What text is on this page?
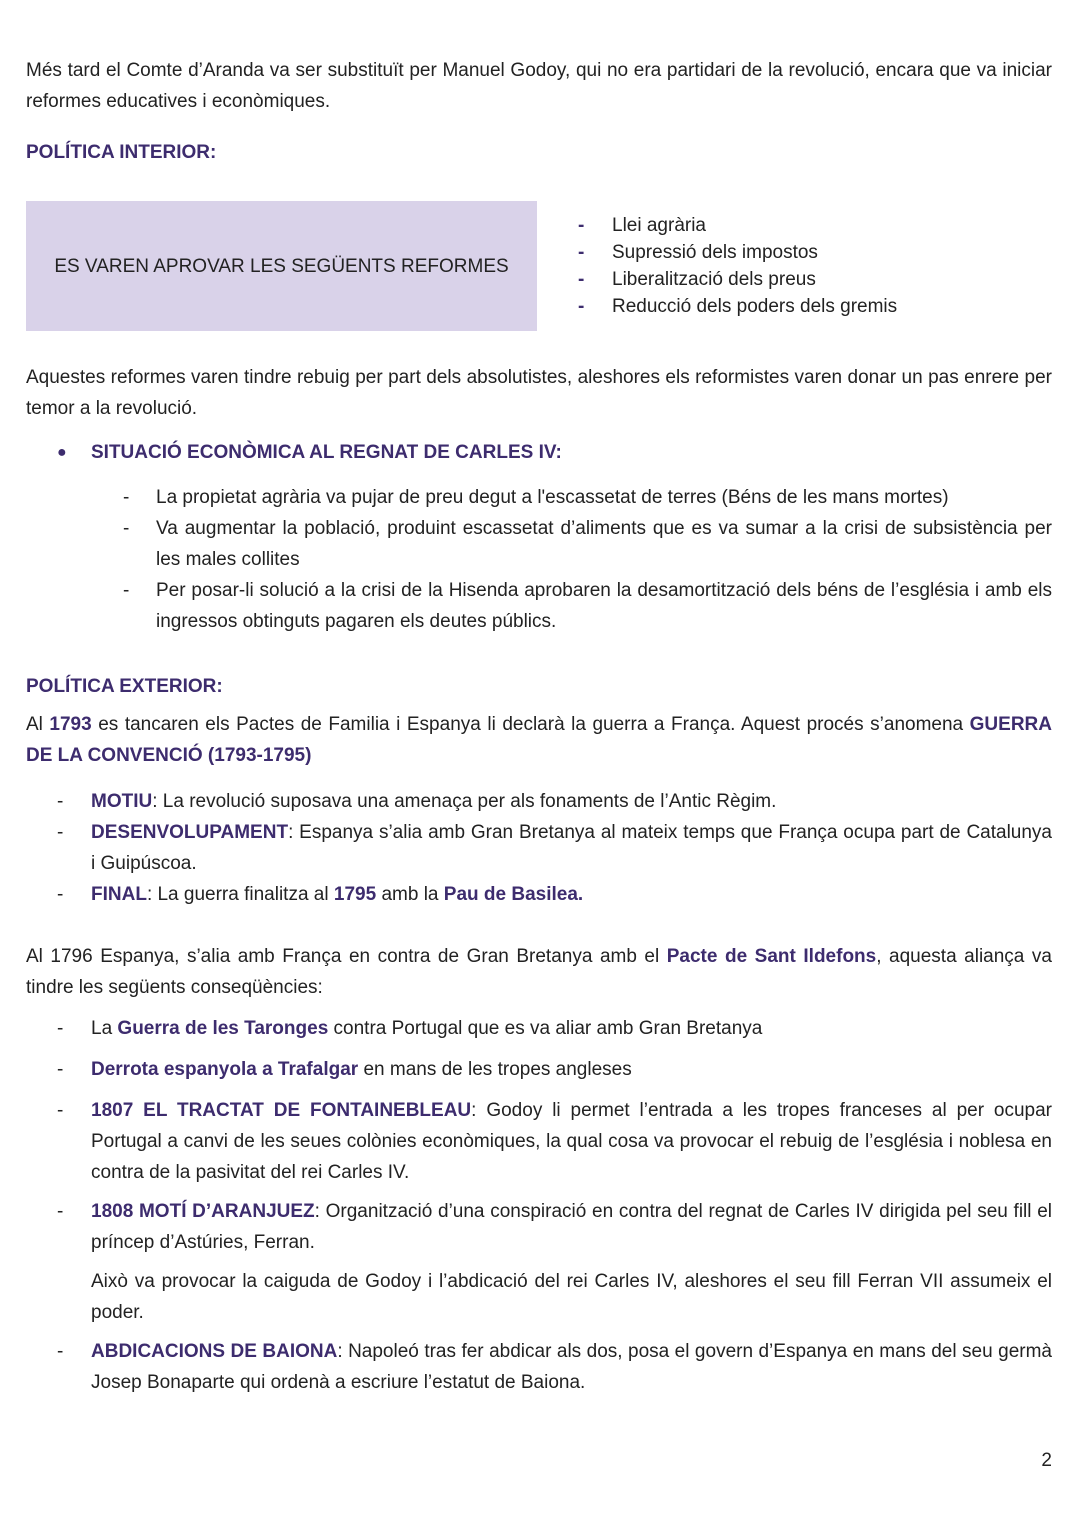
Més tard el Comte d’Aranda va ser substituït per Manuel Godoy, qui no era partidari de la revolució, encara que va iniciar reformes educatives i econòmiques.

POLÍTICA INTERIOR:

ES VAREN APROVAR LES SEGÜENTS REFORMES
- Llei agrària
- Supressió dels impostos
- Liberalització dels preus
- Reducció dels poders dels gremis

Aquestes reformes varen tindre rebuig per part dels absolutistes, aleshores els reformistes varen donar un pas enrere per temor a la revolució.

● SITUACIÓ ECONÒMICA AL REGNAT DE CARLES IV:
- La propietat agrària va pujar de preu degut a l'escassetat de terres (Béns de les mans mortes)
- Va augmentar la població, produint escassetat d’aliments que es va sumar a la crisi de subsistència per les males collites
- Per posar-li solució a la crisi de la Hisenda aprobaren la desamortització dels béns de l’església i amb els ingressos obtinguts pagaren els deutes públics.

POLÍTICA EXTERIOR:

Al 1793 es tancaren els Pactes de Familia i Espanya li declarà la guerra a França. Aquest procés s’anomena GUERRA DE LA CONVENCIÓ (1793-1795)

- MOTIU: La revolució suposava una amenaça per als fonaments de l’Antic Règim.
- DESENVOLUPAMENT: Espanya s’alia amb Gran Bretanya al mateix temps que França ocupa part de Catalunya i Guipúscoa.
- FINAL: La guerra finalitza al 1795 amb la Pau de Basilea.

Al 1796 Espanya, s’alia amb França en contra de Gran Bretanya amb el Pacte de Sant Ildefons, aquesta aliança va tindre les següents conseqüències:

- La Guerra de les Taronges contra Portugal que es va aliar amb Gran Bretanya
- Derrota espanyola a Trafalgar en mans de les tropes angleses
- 1807 EL TRACTAT DE FONTAINEBLEAU: Godoy li permet l’entrada a les tropes franceses al per ocupar Portugal a canvi de les seues colònies econòmiques, la qual cosa va provocar el rebuig de l’església i noblesa en contra de la pasivitat del rei Carles IV.
- 1808 MOTÍ D’ARANJUEZ: Organització d’una conspiració en contra del regnat de Carles IV dirigida pel seu fill el príncep d’Astúries, Ferran.
Això va provocar la caiguda de Godoy i l’abdicació del rei Carles IV, aleshores el seu fill Ferran VII assumeix el poder.
- ABDICACIONS DE BAIONA: Napoleó tras fer abdicar als dos, posa el govern d’Espanya en mans del seu germà Josep Bonaparte qui ordenà a escriure l’estatut de Baiona.
2
